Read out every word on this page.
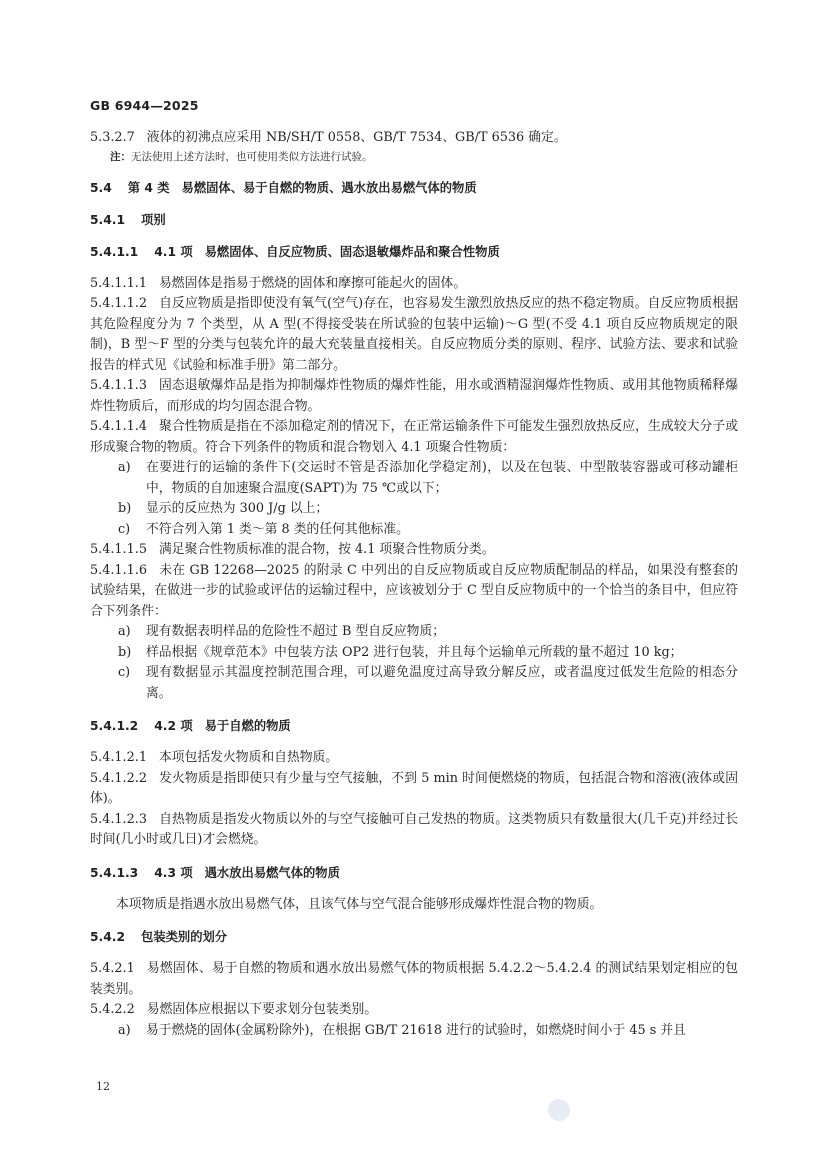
GB 6944—2025

5.3.2.7 液体的初沸点应采用 NB/SH/T 0558、GB/T 7534、GB/T 6536 确定。

注：无法使用上述方法时，也可使用类似方法进行试验。

5.4 第 4 类 易燃固体、易于自燃的物质、遇水放出易燃气体的物质
5.4.1 项别
5.4.1.1 4.1 项 易燃固体、自反应物质、固态退敏爆炸品和聚合性物质

5.4.1.1.1 易燃固体是指易于燃烧的固体和摩擦可能起火的固体。

5.4.1.1.2 自反应物质是指即使没有氧气(空气)存在，也容易发生激烈放热反应的热不稳定物质。自反应物质根据其危险程度分为 7 个类型，从 A 型(不得接受装在所试验的包装中运输)～G 型(不受 4.1 项自反应物质规定的限制)，B 型～F 型的分类与包装允许的最大充装量直接相关。自反应物质分类的原则、程序、试验方法、要求和试验报告的样式见《试验和标准手册》第二部分。

5.4.1.1.3 固态退敏爆炸品是指为抑制爆炸性物质的爆炸性能，用水或酒精湿润爆炸性物质、或用其他物质稀释爆炸性物质后，而形成的均匀固态混合物。

5.4.1.1.4 聚合性物质是指在不添加稳定剂的情况下，在正常运输条件下可能发生强烈放热反应，生成较大分子或形成聚合物的物质。符合下列条件的物质和混合物划入 4.1 项聚合性物质：

a)	在要进行的运输的条件下(交运时不管是否添加化学稳定剂)，以及在包装、中型散装容器或可移动罐柜中，物质的自加速聚合温度(SAPT)为 75 ℃或以下；
b)	显示的反应热为 300 J/g 以上；
c)	不符合列入第 1 类～第 8 类的任何其他标准。

5.4.1.1.5 满足聚合性物质标准的混合物，按 4.1 项聚合性物质分类。

5.4.1.1.6 未在 GB 12268—2025 的附录 C 中列出的自反应物质或自反应物质配制品的样品，如果没有整套的试验结果，在做进一步的试验或评估的运输过程中，应该被划分于 C 型自反应物质中的一个恰当的条目中，但应符合下列条件：

a)	现有数据表明样品的危险性不超过 B 型自反应物质；
b)	样品根据《规章范本》中包装方法 OP2 进行包装，并且每个运输单元所载的量不超过 10 kg；
c)	现有数据显示其温度控制范围合理，可以避免温度过高导致分解反应，或者温度过低发生危险的相态分离。
5.4.1.2 4.2 项 易于自燃的物质

5.4.1.2.1 本项包括发火物质和自热物质。

5.4.1.2.2 发火物质是指即使只有少量与空气接触，不到 5 min 时间便燃烧的物质，包括混合物和溶液(液体或固体)。

5.4.1.2.3 自热物质是指发火物质以外的与空气接触可自己发热的物质。这类物质只有数量很大(几千克)并经过长时间(几小时或几日)才会燃烧。

5.4.1.3 4.3 项 遇水放出易燃气体的物质

本项物质是指遇水放出易燃气体，且该气体与空气混合能够形成爆炸性混合物的物质。

5.4.2 包装类别的划分

5.4.2.1 易燃固体、易于自燃的物质和遇水放出易燃气体的物质根据 5.4.2.2～5.4.2.4 的测试结果划定相应的包装类别。

5.4.2.2 易燃固体应根据以下要求划分包装类别。

a)	易于燃烧的固体(金属粉除外)，在根据 GB/T 21618 进行的试验时，如燃烧时间小于 45 s 并且
12
